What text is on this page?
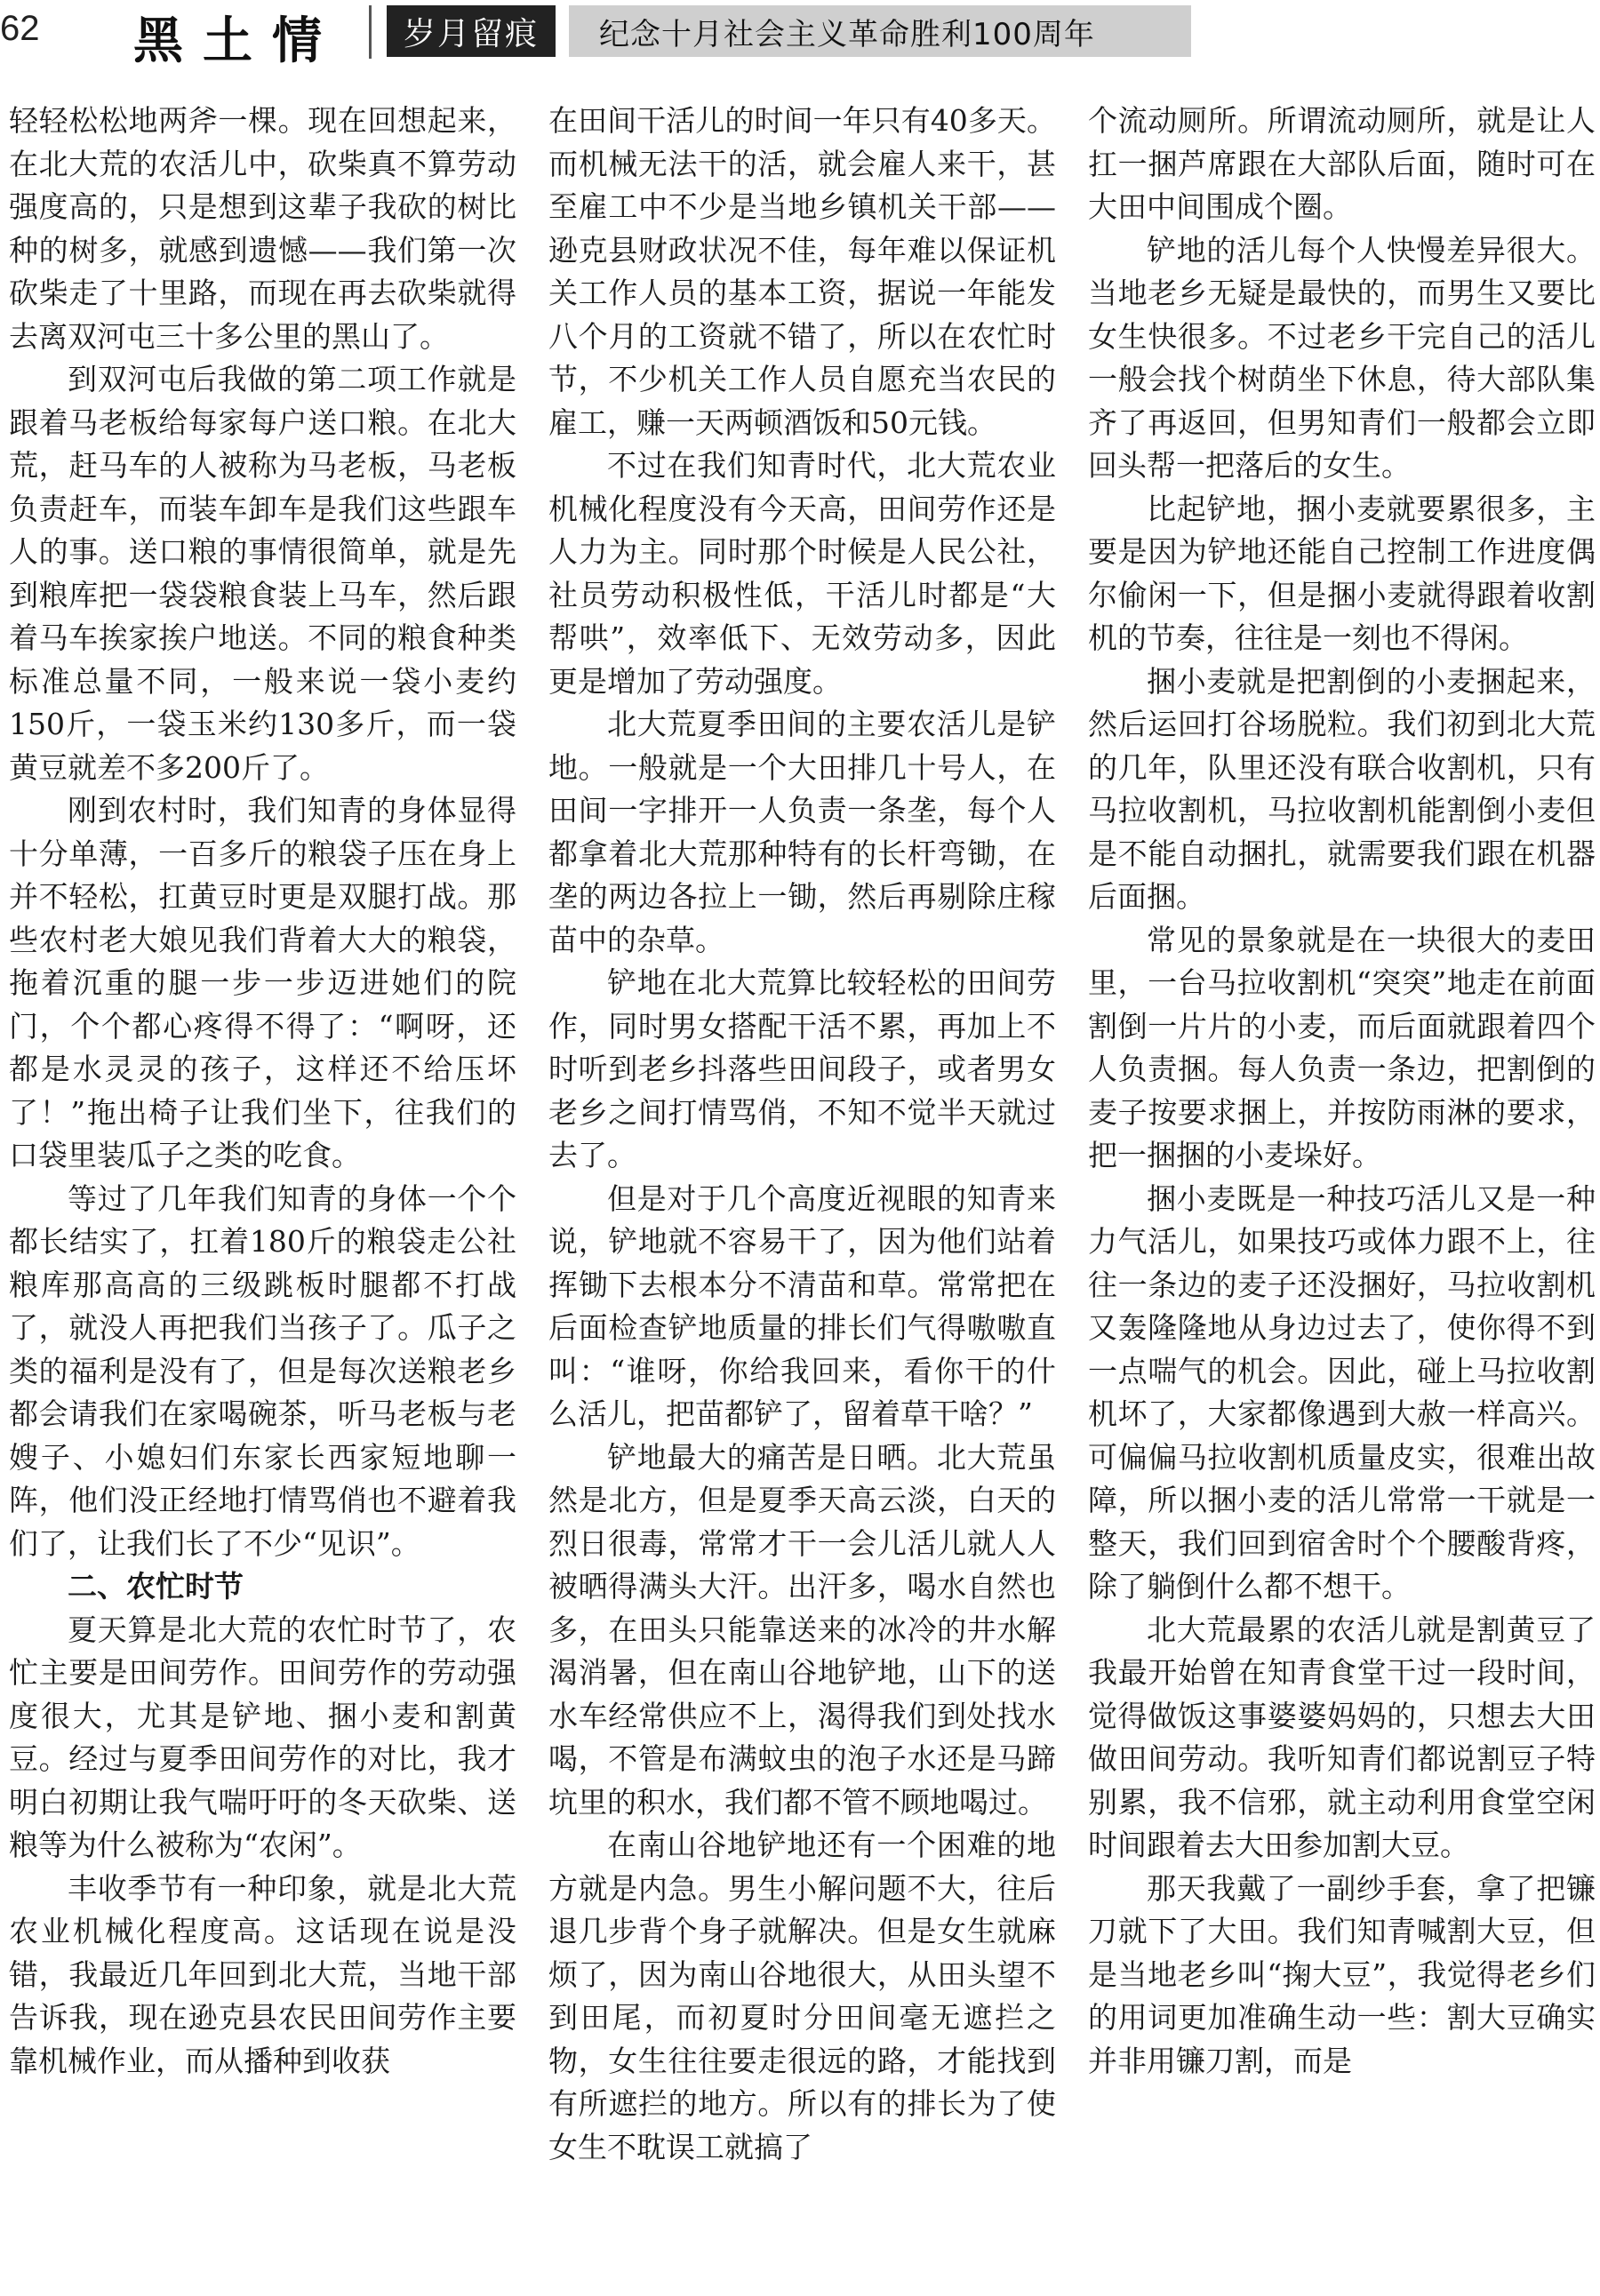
62 黑土情	岁月留痕	纪念十月社会主义革命胜利100周年

轻轻松松地两斧一棵。现在回想起来，在北大荒的农活儿中，砍柴真不算劳动强度高的，只是想到这辈子我砍的树比种的树多，就感到遗憾——我们第一次砍柴走了十里路，而现在再去砍柴就得去离双河屯三十多公里的黑山了。

到双河屯后我做的第二项工作就是跟着马老板给每家每户送口粮。在北大荒，赶马车的人被称为马老板，马老板负责赶车，而装车卸车是我们这些跟车人的事。送口粮的事情很简单，就是先到粮库把一袋袋粮食装上马车，然后跟着马车挨家挨户地送。不同的粮食种类标准总量不同，一般来说一袋小麦约150斤，一袋玉米约130多斤，而一袋黄豆就差不多200斤了。

刚到农村时，我们知青的身体显得十分单薄，一百多斤的粮袋子压在身上并不轻松，扛黄豆时更是双腿打战。那些农村老大娘见我们背着大大的粮袋，拖着沉重的腿一步一步迈进她们的院门，个个都心疼得不得了：“啊呀，还都是水灵灵的孩子，这样还不给压坏了！”拖出椅子让我们坐下，往我们的口袋里装瓜子之类的吃食。

等过了几年我们知青的身体一个个都长结实了，扛着180斤的粮袋走公社粮库那高高的三级跳板时腿都不打战了，就没人再把我们当孩子了。瓜子之类的福利是没有了，但是每次送粮老乡都会请我们在家喝碗茶，听马老板与老嫂子、小媳妇们东家长西家短地聊一阵，他们没正经地打情骂俏也不避着我们了，让我们长了不少“见识”。

二、农忙时节

夏天算是北大荒的农忙时节了，农忙主要是田间劳作。田间劳作的劳动强度很大，尤其是铲地、捆小麦和割黄豆。经过与夏季田间劳作的对比，我才明白初期让我气喘吁吁的冬天砍柴、送粮等为什么被称为“农闲”。

丰收季节有一种印象，就是北大荒农业机械化程度高。这话现在说是没错，我最近几年回到北大荒，当地干部告诉我，现在逊克县农民田间劳作主要靠机械作业，而从播种到收获

在田间干活儿的时间一年只有40多天。而机械无法干的活，就会雇人来干，甚至雇工中不少是当地乡镇机关干部——逊克县财政状况不佳，每年难以保证机关工作人员的基本工资，据说一年能发八个月的工资就不错了，所以在农忙时节，不少机关工作人员自愿充当农民的雇工，赚一天两顿酒饭和50元钱。

不过在我们知青时代，北大荒农业机械化程度没有今天高，田间劳作还是人力为主。同时那个时候是人民公社，社员劳动积极性低，干活儿时都是“大帮哄”，效率低下、无效劳动多，因此更是增加了劳动强度。

北大荒夏季田间的主要农活儿是铲地。一般就是一个大田排几十号人，在田间一字排开一人负责一条垄，每个人都拿着北大荒那种特有的长杆弯锄，在垄的两边各拉上一锄，然后再剔除庄稼苗中的杂草。

铲地在北大荒算比较轻松的田间劳作，同时男女搭配干活不累，再加上不时听到老乡抖落些田间段子，或者男女老乡之间打情骂俏，不知不觉半天就过去了。

但是对于几个高度近视眼的知青来说，铲地就不容易干了，因为他们站着挥锄下去根本分不清苗和草。常常把在后面检查铲地质量的排长们气得嗷嗷直叫：“谁呀，你给我回来，看你干的什么活儿，把苗都铲了，留着草干啥？”

铲地最大的痛苦是日晒。北大荒虽然是北方，但是夏季天高云淡，白天的烈日很毒，常常才干一会儿活儿就人人被晒得满头大汗。出汗多，喝水自然也多，在田头只能靠送来的冰冷的井水解渴消暑，但在南山谷地铲地，山下的送水车经常供应不上，渴得我们到处找水喝，不管是布满蚊虫的泡子水还是马蹄坑里的积水，我们都不管不顾地喝过。

在南山谷地铲地还有一个困难的地方就是内急。男生小解问题不大，往后退几步背个身子就解决。但是女生就麻烦了，因为南山谷地很大，从田头望不到田尾，而初夏时分田间毫无遮拦之物，女生往往要走很远的路，才能找到有所遮拦的地方。所以有的排长为了使女生不耽误工就搞了

个流动厕所。所谓流动厕所，就是让人扛一捆芦席跟在大部队后面，随时可在大田中间围成个圈。

铲地的活儿每个人快慢差异很大。当地老乡无疑是最快的，而男生又要比女生快很多。不过老乡干完自己的活儿一般会找个树荫坐下休息，待大部队集齐了再返回，但男知青们一般都会立即回头帮一把落后的女生。

比起铲地，捆小麦就要累很多，主要是因为铲地还能自己控制工作进度偶尔偷闲一下，但是捆小麦就得跟着收割机的节奏，往往是一刻也不得闲。

捆小麦就是把割倒的小麦捆起来，然后运回打谷场脱粒。我们初到北大荒的几年，队里还没有联合收割机，只有马拉收割机，马拉收割机能割倒小麦但是不能自动捆扎，就需要我们跟在机器后面捆。

常见的景象就是在一块很大的麦田里，一台马拉收割机“突突”地走在前面割倒一片片的小麦，而后面就跟着四个人负责捆。每人负责一条边，把割倒的麦子按要求捆上，并按防雨淋的要求，把一捆捆的小麦垛好。

捆小麦既是一种技巧活儿又是一种力气活儿，如果技巧或体力跟不上，往往一条边的麦子还没捆好，马拉收割机又轰隆隆地从身边过去了，使你得不到一点喘气的机会。因此，碰上马拉收割机坏了，大家都像遇到大赦一样高兴。可偏偏马拉收割机质量皮实，很难出故障，所以捆小麦的活儿常常一干就是一整天，我们回到宿舍时个个腰酸背疼，除了躺倒什么都不想干。

北大荒最累的农活儿就是割黄豆了我最开始曾在知青食堂干过一段时间，觉得做饭这事婆婆妈妈的，只想去大田做田间劳动。我听知青们都说割豆子特别累，我不信邪，就主动利用食堂空闲时间跟着去大田参加割大豆。

那天我戴了一副纱手套，拿了把镰刀就下了大田。我们知青喊割大豆，但是当地老乡叫“掬大豆”，我觉得老乡们的用词更加准确生动一些：割大豆确实并非用镰刀割，而是
